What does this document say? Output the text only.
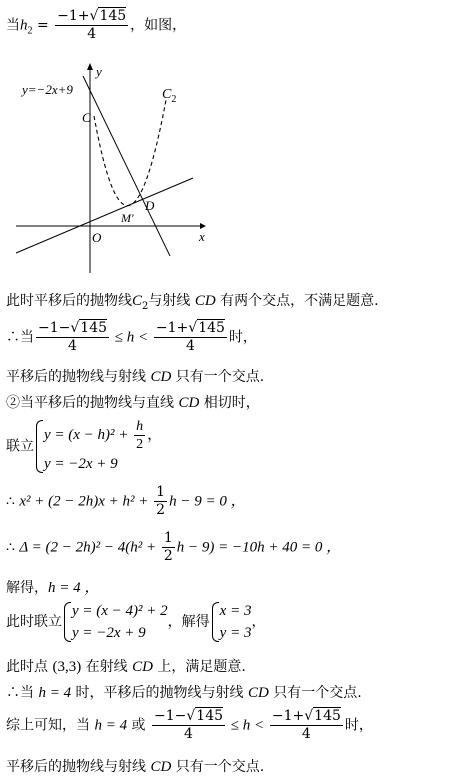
当$h_2 = \frac{-1+√145}{4}$ ，如图，
y=−2x+9	$C_2$
y
x
O
C
D
M′
此时平移后的抛物线$C_2$与射线 CD 有两个交点，不满足题意.
∴当 $\frac{-1-√145}{4} \le h < \frac{-1+√145}{4}$ 时，
平移后的抛物线与射线 CD 只有一个交点.
②当平移后的抛物线与直线 CD 相切时，
联立
$y = (x - h)^2 + \frac{h}{2}$ ，
y = −2x + 9
∴ $x^2 + (2 - 2h)x + h^2 + \frac{1}{2}$ h − 9 = 0 ，
∴ $\Delta = (2 - 2h)^2 - 4(h^2 + \frac{1}{2}$ h − 9) = −10h + 40 = 0 ，
解得，h = 4 ，
此时联立
y = (x − 4)² + 2
y = −2x + 9
，解得
x = 3
y = 3
，
此时点 (3,3) 在射线 CD 上，满足题意.
∴当 h = 4 时，平移后的抛物线与射线 CD 只有一个交点.
综上可知，当 h = 4 或 $\frac{-1-√145}{4} \le h < \frac{-1+√145}{4}$ 时，
平移后的抛物线与射线 CD 只有一个交点.
